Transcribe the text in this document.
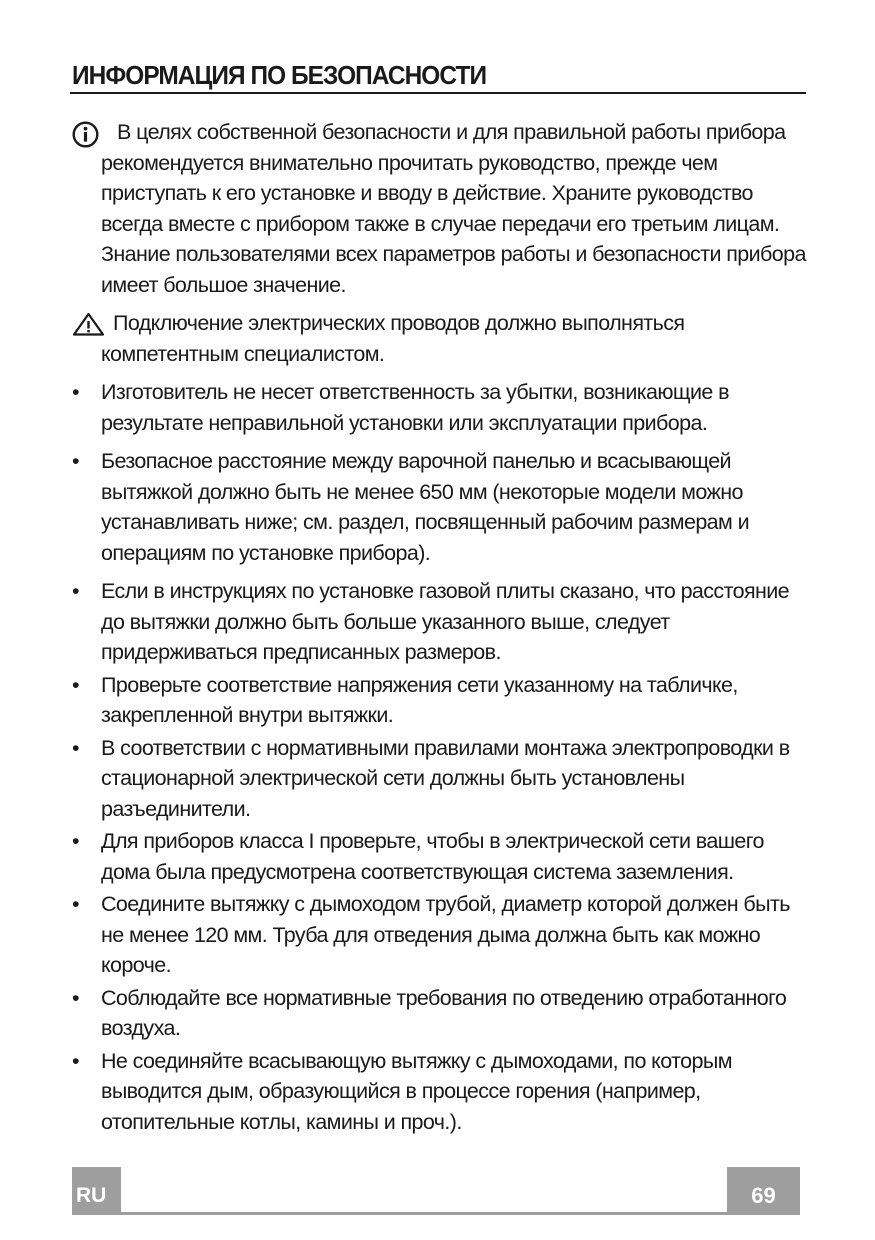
ИНФОРМАЦИЯ ПО БЕЗОПАСНОСТИ

В целях собственной безопасности и для правильной работы прибора рекомендуется внимательно прочитать руководство, прежде чем приступать к его установке и вводу в действие. Храните руководство всегда вместе с прибором также в случае передачи его третьим лицам. Знание пользователями всех параметров работы и безопасности прибора имеет большое значение.

Подключение электрических проводов должно выполняться компетентным специалистом.

•	Изготовитель не несет ответственность за убытки, возникающие в результате неправильной установки или эксплуатации прибора.

•	Безопасное расстояние между варочной панелью и всасывающей вытяжкой должно быть не менее 650 мм (некоторые модели можно устанавливать ниже; см. раздел, посвященный рабочим размерам и операциям по установке прибора).

•	Если в инструкциях по установке газовой плиты сказано, что расстояние до вытяжки должно быть больше указанного выше, следует придерживаться предписанных размеров.

•	Проверьте соответствие напряжения сети указанному на табличке, закрепленной внутри вытяжки.

•	В соответствии с нормативными правилами монтажа электропроводки в стационарной электрической сети должны быть установлены разъединители.

•	Для приборов класса I проверьте, чтобы в электрической сети вашего дома была предусмотрена соответствующая система заземления.

•	Соедините вытяжку с дымоходом трубой, диаметр которой должен быть не менее 120 мм. Труба для отведения дыма должна быть как можно короче.

•	Соблюдайте все нормативные требования по отведению отработанного воздуха.

•	Не соединяйте всасывающую вытяжку с дымоходами, по которым выводится дым, образующийся в процессе горения (например, отопительные котлы, камины и проч.).

RU	69
